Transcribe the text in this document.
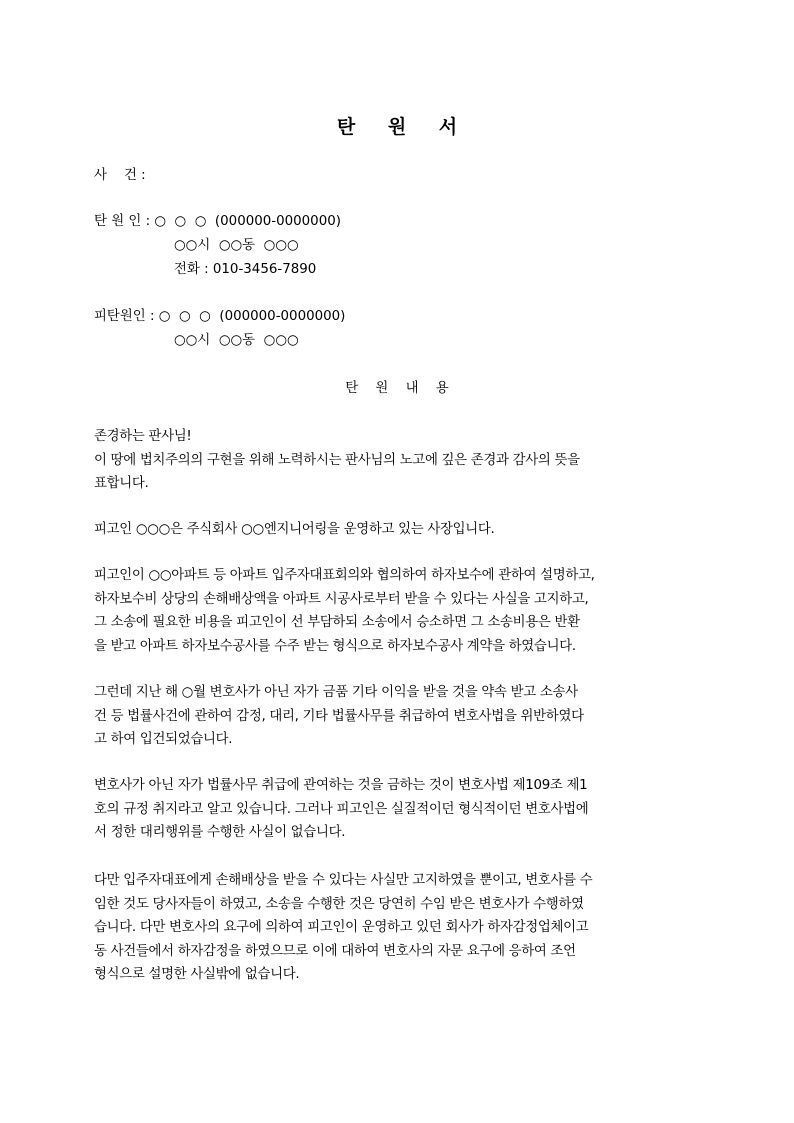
탄 원 서

사    건 :

탄 원 인 : ○  ○  ○  (000000-0000000)

○○시  ○○동  ○○○

전화 : 010-3456-7890

피탄원인 : ○  ○  ○  (000000-0000000)

○○시  ○○동  ○○○

탄 원 내 용

존경하는 판사님!
이 땅에 법치주의의 구현을 위해 노력하시는 판사님의 노고에 깊은 존경과 감사의 뜻을
표합니다.
피고인 ○○○은 주식회사 ○○엔지니어링을 운영하고 있는 사장입니다.
피고인이 ○○아파트 등 아파트 입주자대표회의와 협의하여 하자보수에 관하여 설명하고,
하자보수비 상당의 손해배상액을 아파트 시공사로부터 받을 수 있다는 사실을 고지하고,
그 소송에 필요한 비용을 피고인이 선 부담하되 소송에서 승소하면 그 소송비용은 반환
을 받고 아파트 하자보수공사를 수주 받는 형식으로 하자보수공사 계약을 하였습니다.
그런데 지난 해 ○월 변호사가 아닌 자가 금품 기타 이익을 받을 것을 약속 받고 소송사
건 등 법률사건에 관하여 감정, 대리, 기타 법률사무를 취급하여 변호사법을 위반하였다
고 하여 입건되었습니다.
변호사가 아닌 자가 법률사무 취급에 관여하는 것을 금하는 것이 변호사법 제109조 제1
호의 규정 취지라고 알고 있습니다. 그러나 피고인은 실질적이던 형식적이던 변호사법에
서 정한 대리행위를 수행한 사실이 없습니다.
다만 입주자대표에게 손해배상을 받을 수 있다는 사실만 고지하였을 뿐이고, 변호사를 수
임한 것도 당사자들이 하였고, 소송을 수행한 것은 당연히 수임 받은 변호사가 수행하였
습니다. 다만 변호사의 요구에 의하여 피고인이 운영하고 있던 회사가 하자감정업체이고
동 사건들에서 하자감정을 하였으므로 이에 대하여 변호사의 자문 요구에 응하여 조언
형식으로 설명한 사실밖에 없습니다.
